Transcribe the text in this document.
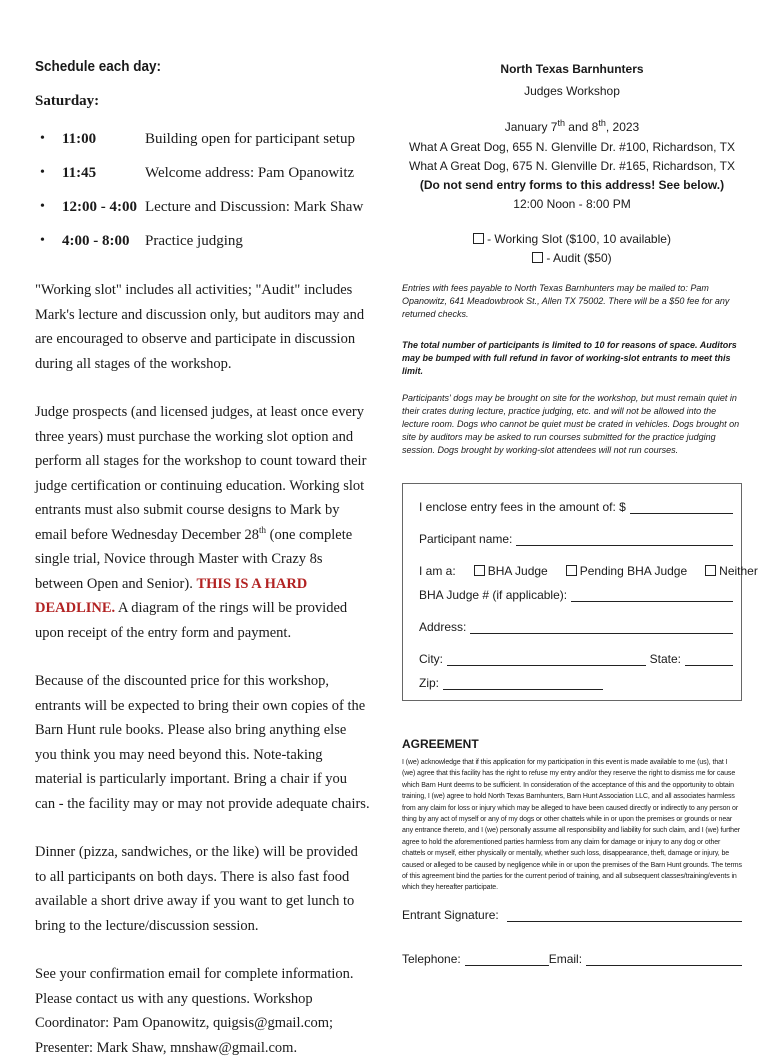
Schedule each day:
Saturday:
•	11:00	Building open for participant setup
•	11:45	Welcome address: Pam Opanowitz
•	12:00 - 4:00 Lecture and Discussion: Mark Shaw
•	4:00 - 8:00	Practice judging

"Working slot" includes all activities; "Audit" includes Mark's lecture and discussion only, but auditors may and are encouraged to observe and participate in discussion during all stages of the workshop.

Judge prospects (and licensed judges, at least once every three years) must purchase the working slot option and perform all stages for the workshop to count toward their judge certification or continuing education. Working slot entrants must also submit course designs to Mark by email before Wednesday December 28th (one complete single trial, Novice through Master with Crazy 8s between Open and Senior). THIS IS A HARD DEADLINE. A diagram of the rings will be provided upon receipt of the entry form and payment.

Because of the discounted price for this workshop, entrants will be expected to bring their own copies of the Barn Hunt rule books. Please also bring anything else you think you may need beyond this. Note-taking material is particularly important. Bring a chair if you can - the facility may or may not provide adequate chairs.

Dinner (pizza, sandwiches, or the like) will be provided to all participants on both days. There is also fast food available a short drive away if you want to get lunch to bring to the lecture/discussion session.

See your confirmation email for complete information. Please contact us with any questions. Workshop Coordinator: Pam Opanowitz, quigsis@gmail.com; Presenter: Mark Shaw, mnshaw@gmail.com.

North Texas Barnhunters
Judges Workshop
January 7th and 8th, 2023
What A Great Dog, 655 N. Glenville Dr. #100, Richardson, TX
What A Great Dog, 675 N. Glenville Dr. #165, Richardson, TX
(Do not send entry forms to this address! See below.)
12:00 Noon - 8:00 PM
- Working Slot ($100, 10 available)
- Audit ($50)
Entries with fees payable to North Texas Barnhunters may be mailed to: Pam Opanowitz, 641 Meadowbrook St., Allen TX 75002. There will be a $50 fee for any returned checks.
The total number of participants is limited to 10 for reasons of space. Auditors may be bumped with full refund in favor of working-slot entrants to meet this limit.
Participants' dogs may be brought on site for the workshop, but must remain quiet in their crates during lecture, practice judging, etc. and will not be allowed into the lecture room. Dogs who cannot be quiet must be crated in vehicles. Dogs brought on site by auditors may be asked to run courses submitted for the practice judging session. Dogs brought by working-slot attendees will not run courses.
I enclose entry fees in the amount of: $
Participant name:
I am a:	BHA Judge	Pending BHA Judge	Neither
BHA Judge # (if applicable):
Address:
City:	State:
Zip:
AGREEMENT
I (we) acknowledge that if this application for my participation in this event is made available to me (us), that I (we) agree that this facility has the right to refuse my entry and/or they reserve the right to dismiss me for cause which Barn Hunt deems to be sufficient. In consideration of the acceptance of this and the opportunity to obtain training, I (we) agree to hold North Texas Barnhunters, Barn Hunt Association LLC, and all associates harmless from any claim for loss or injury which may be alleged to have been caused directly or indirectly to any person or thing by any act of myself or any of my dogs or other chattels while in or upon the premises or grounds or near any entrance thereto, and I (we) personally assume all responsibility and liability for such claim, and I (we) further agree to hold the aforementioned parties harmless from any claim for damage or injury to any dog or other chattels or myself, either physically or mentally, whether such loss, disappearance, theft, damage or injury, be caused or alleged to be caused by negligence while in or upon the premises of the Barn Hunt grounds. The terms of this agreement bind the parties for the current period of training, and all subsequent classes/training/events in which they hereafter participate.
Entrant Signature:
Telephone:	Email:
